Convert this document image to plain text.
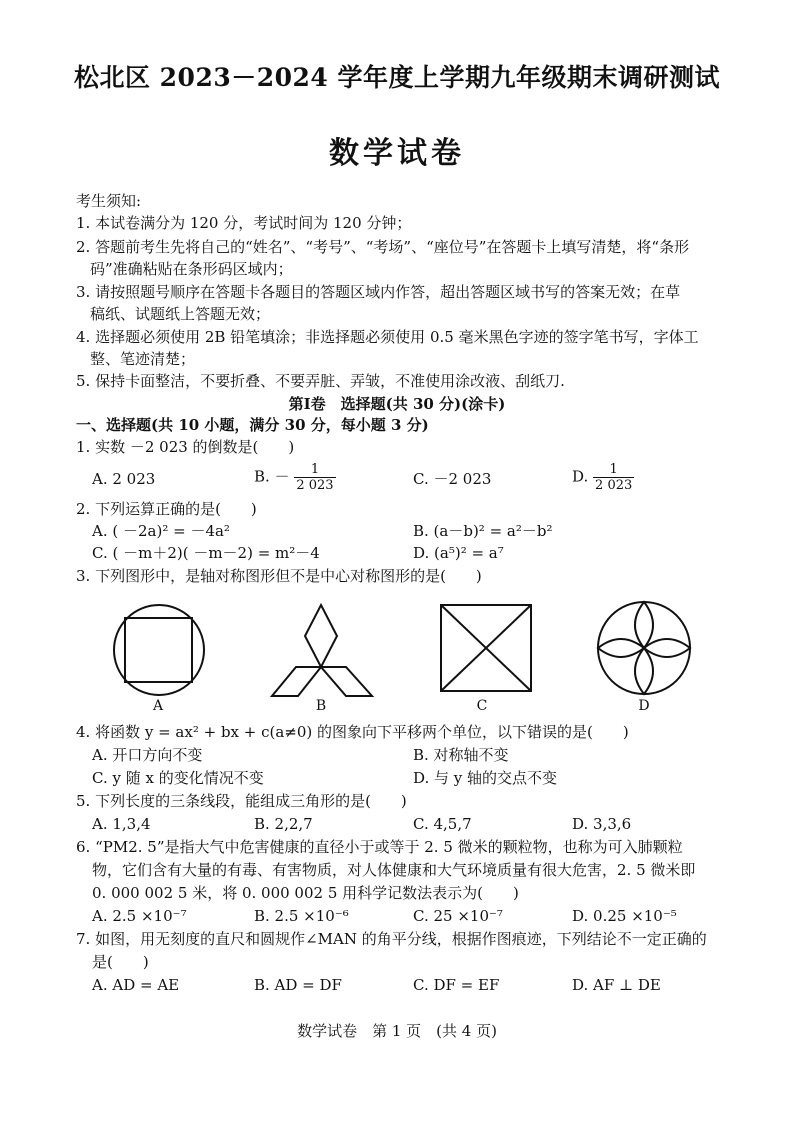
松北区 2023－2024 学年度上学期九年级期末调研测试
数学试卷
考生须知:
1. 本试卷满分为 120 分，考试时间为 120 分钟；
2. 答题前考生先将自己的“姓名”、“考号”、“考场”、“座位号”在答题卡上填写清楚，将“条形
码”准确粘贴在条形码区域内；
3. 请按照题号顺序在答题卡各题目的答题区域内作答，超出答题区域书写的答案无效；在草
稿纸、试题纸上答题无效；
4. 选择题必须使用 2B 铅笔填涂；非选择题必须使用 0.5 毫米黑色字迹的签字笔书写，字体工
整、笔迹清楚；
5. 保持卡面整洁，不要折叠、不要弄脏、弄皱，不准使用涂改液、刮纸刀.
第Ⅰ卷　选择题(共 30 分)(涂卡)
一、选择题(共 10 小题，满分 30 分，每小题 3 分)
1. 实数 －2 023 的倒数是(　　)
A. 2 023	B. － $\frac{1}{2 023}$	C. －2 023	D. $\frac{1}{2 023}$
2. 下列运算正确的是(　　)
A. ( －2a)² = －4a²	B. (a－b)² = a²－b²
C. ( －m＋2)( －m－2) = m²－4	D. (a⁵)² = a⁷
3. 下列图形中，是轴对称图形但不是中心对称图形的是(　　)
A	B	C	D
4. 将函数 y = ax² + bx + c(a≠0) 的图象向下平移两个单位，以下错误的是(　　)
A. 开口方向不变	B. 对称轴不变
C. y 随 x 的变化情况不变	D. 与 y 轴的交点不变
5. 下列长度的三条线段，能组成三角形的是(　　)
A. 1,3,4	B. 2,2,7	C. 4,5,7	D. 3,3,6
6. “PM2. 5”是指大气中危害健康的直径小于或等于 2. 5 微米的颗粒物，也称为可入肺颗粒
物，它们含有大量的有毒、有害物质，对人体健康和大气环境质量有很大危害，2. 5 微米即
0. 000 002 5 米，将 0. 000 002 5 用科学记数法表示为(　　)
A. 2.5 ×10⁻⁷	B. 2.5 ×10⁻⁶	C. 25 ×10⁻⁷	D. 0.25 ×10⁻⁵
7. 如图，用无刻度的直尺和圆规作∠MAN 的角平分线，根据作图痕迹，下列结论不一定正确的
是(　　)
A. AD = AE	B. AD = DF	C. DF = EF	D. AF ⊥ DE
数学试卷　第 1 页　(共 4 页)
